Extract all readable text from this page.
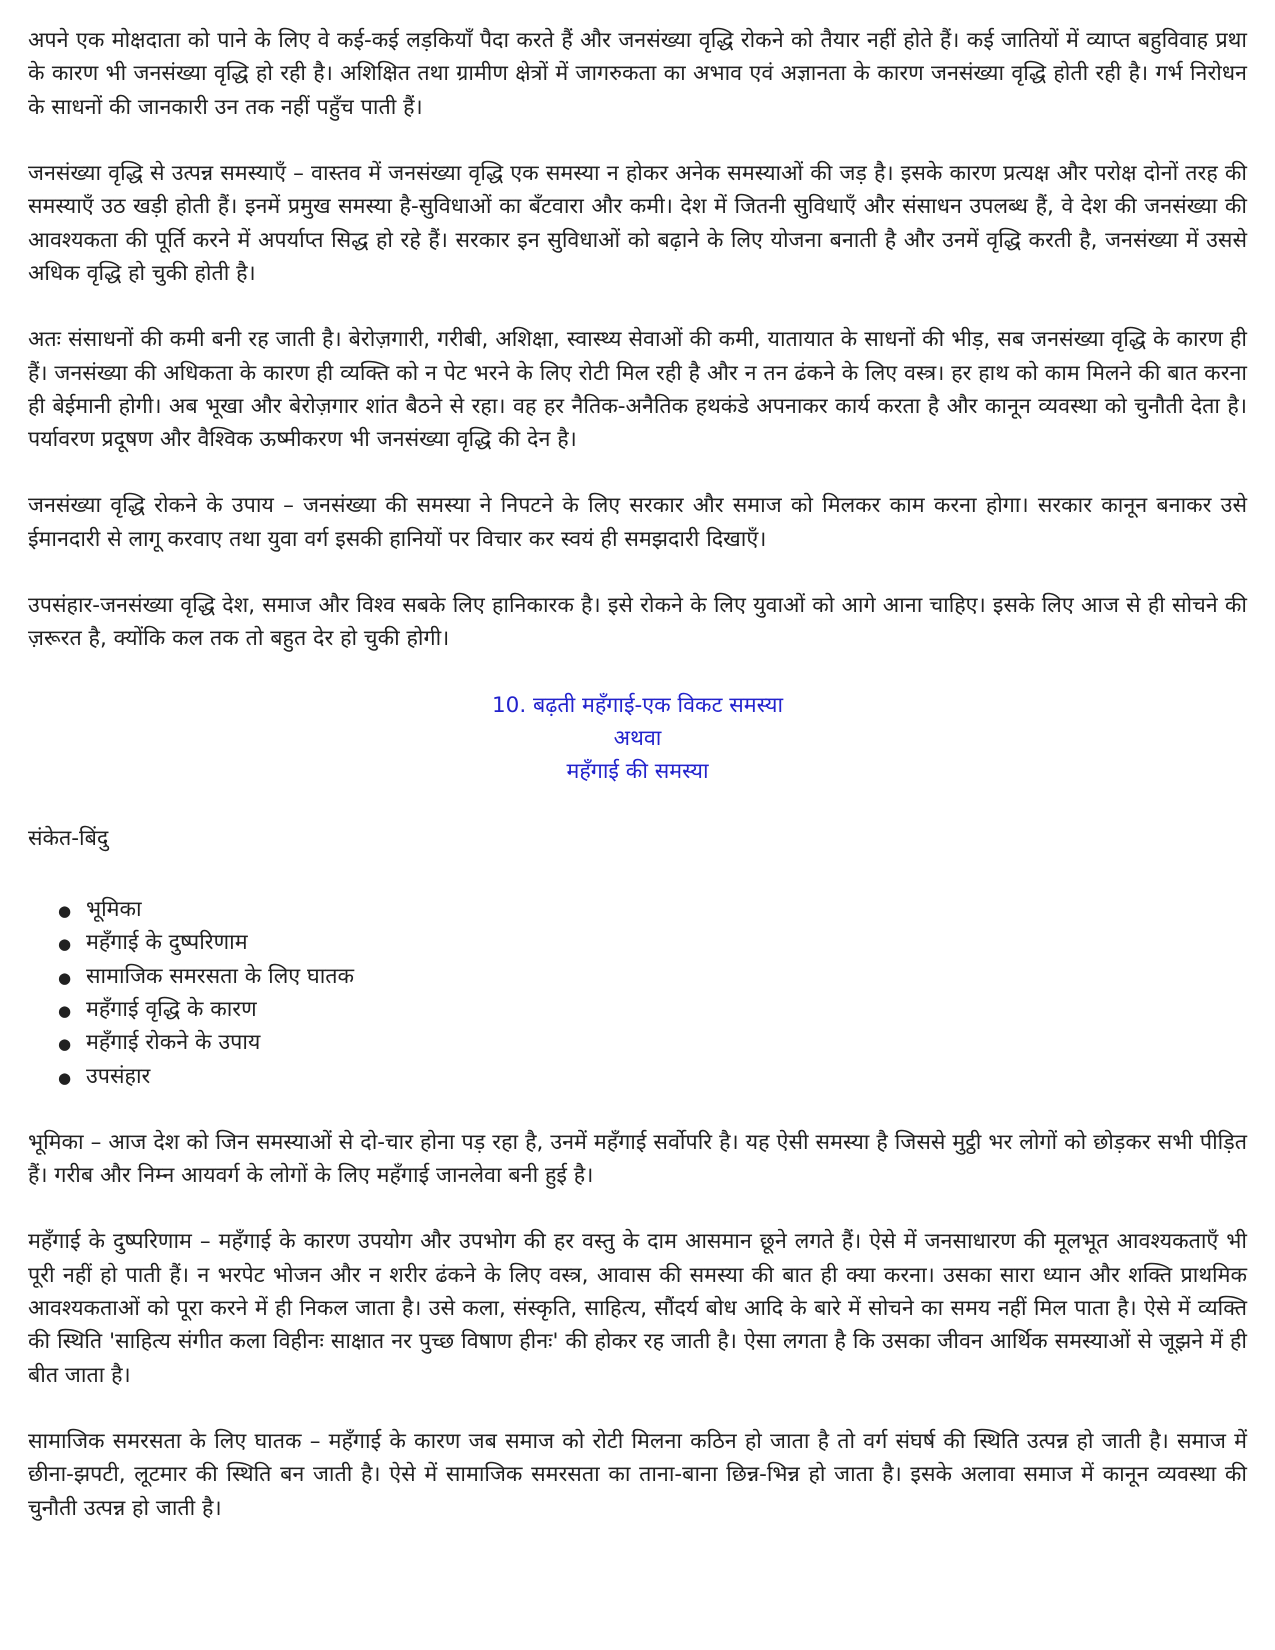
अपने एक मोक्षदाता को पाने के लिए वे कई-कई लड़कियाँ पैदा करते हैं और जनसंख्या वृद्धि रोकने को तैयार नहीं होते हैं। कई जातियों में व्याप्त बहुविवाह प्रथा के कारण भी जनसंख्या वृद्धि हो रही है। अशिक्षित तथा ग्रामीण क्षेत्रों में जागरुकता का अभाव एवं अज्ञानता के कारण जनसंख्या वृद्धि होती रही है। गर्भ निरोधन के साधनों की जानकारी उन तक नहीं पहुँच पाती हैं।

जनसंख्या वृद्धि से उत्पन्न समस्याएँ – वास्तव में जनसंख्या वृद्धि एक समस्या न होकर अनेक समस्याओं की जड़ है। इसके कारण प्रत्यक्ष और परोक्ष दोनों तरह की समस्याएँ उठ खड़ी होती हैं। इनमें प्रमुख समस्या है-सुविधाओं का बँटवारा और कमी। देश में जितनी सुविधाएँ और संसाधन उपलब्ध हैं, वे देश की जनसंख्या की आवश्यकता की पूर्ति करने में अपर्याप्त सिद्ध हो रहे हैं। सरकार इन सुविधाओं को बढ़ाने के लिए योजना बनाती है और उनमें वृद्धि करती है, जनसंख्या में उससे अधिक वृद्धि हो चुकी होती है।

अतः संसाधनों की कमी बनी रह जाती है। बेरोज़गारी, गरीबी, अशिक्षा, स्वास्थ्य सेवाओं की कमी, यातायात के साधनों की भीड़, सब जनसंख्या वृद्धि के कारण ही हैं। जनसंख्या की अधिकता के कारण ही व्यक्ति को न पेट भरने के लिए रोटी मिल रही है और न तन ढंकने के लिए वस्त्र। हर हाथ को काम मिलने की बात करना ही बेईमानी होगी। अब भूखा और बेरोज़गार शांत बैठने से रहा। वह हर नैतिक-अनैतिक हथकंडे अपनाकर कार्य करता है और कानून व्यवस्था को चुनौती देता है। पर्यावरण प्रदूषण और वैश्विक ऊष्मीकरण भी जनसंख्या वृद्धि की देन है।

जनसंख्या वृद्धि रोकने के उपाय – जनसंख्या की समस्या ने निपटने के लिए सरकार और समाज को मिलकर काम करना होगा। सरकार कानून बनाकर उसे ईमानदारी से लागू करवाए तथा युवा वर्ग इसकी हानियों पर विचार कर स्वयं ही समझदारी दिखाएँ।

उपसंहार-जनसंख्या वृद्धि देश, समाज और विश्व सबके लिए हानिकारक है। इसे रोकने के लिए युवाओं को आगे आना चाहिए। इसके लिए आज से ही सोचने की ज़रूरत है, क्योंकि कल तक तो बहुत देर हो चुकी होगी।

10. बढ़ती महँगाई-एक विकट समस्या
अथवा
महँगाई की समस्या

संकेत-बिंदु

● भूमिका
● महँगाई के दुष्परिणाम
● सामाजिक समरसता के लिए घातक
● महँगाई वृद्धि के कारण
● महँगाई रोकने के उपाय
● उपसंहार

भूमिका – आज देश को जिन समस्याओं से दो-चार होना पड़ रहा है, उनमें महँगाई सर्वोपरि है। यह ऐसी समस्या है जिससे मुट्ठी भर लोगों को छोड़कर सभी पीड़ित हैं। गरीब और निम्न आयवर्ग के लोगों के लिए महँगाई जानलेवा बनी हुई है।

महँगाई के दुष्परिणाम – महँगाई के कारण उपयोग और उपभोग की हर वस्तु के दाम आसमान छूने लगते हैं। ऐसे में जनसाधारण की मूलभूत आवश्यकताएँ भी पूरी नहीं हो पाती हैं। न भरपेट भोजन और न शरीर ढंकने के लिए वस्त्र, आवास की समस्या की बात ही क्या करना। उसका सारा ध्यान और शक्ति प्राथमिक आवश्यकताओं को पूरा करने में ही निकल जाता है। उसे कला, संस्कृति, साहित्य, सौंदर्य बोध आदि के बारे में सोचने का समय नहीं मिल पाता है। ऐसे में व्यक्ति की स्थिति 'साहित्य संगीत कला विहीनः साक्षात नर पुच्छ विषाण हीनः' की होकर रह जाती है। ऐसा लगता है कि उसका जीवन आर्थिक समस्याओं से जूझने में ही बीत जाता है।

सामाजिक समरसता के लिए घातक – महँगाई के कारण जब समाज को रोटी मिलना कठिन हो जाता है तो वर्ग संघर्ष की स्थिति उत्पन्न हो जाती है। समाज में छीना-झपटी, लूटमार की स्थिति बन जाती है। ऐसे में सामाजिक समरसता का ताना-बाना छिन्न-भिन्न हो जाता है। इसके अलावा समाज में कानून व्यवस्था की चुनौती उत्पन्न हो जाती है।
